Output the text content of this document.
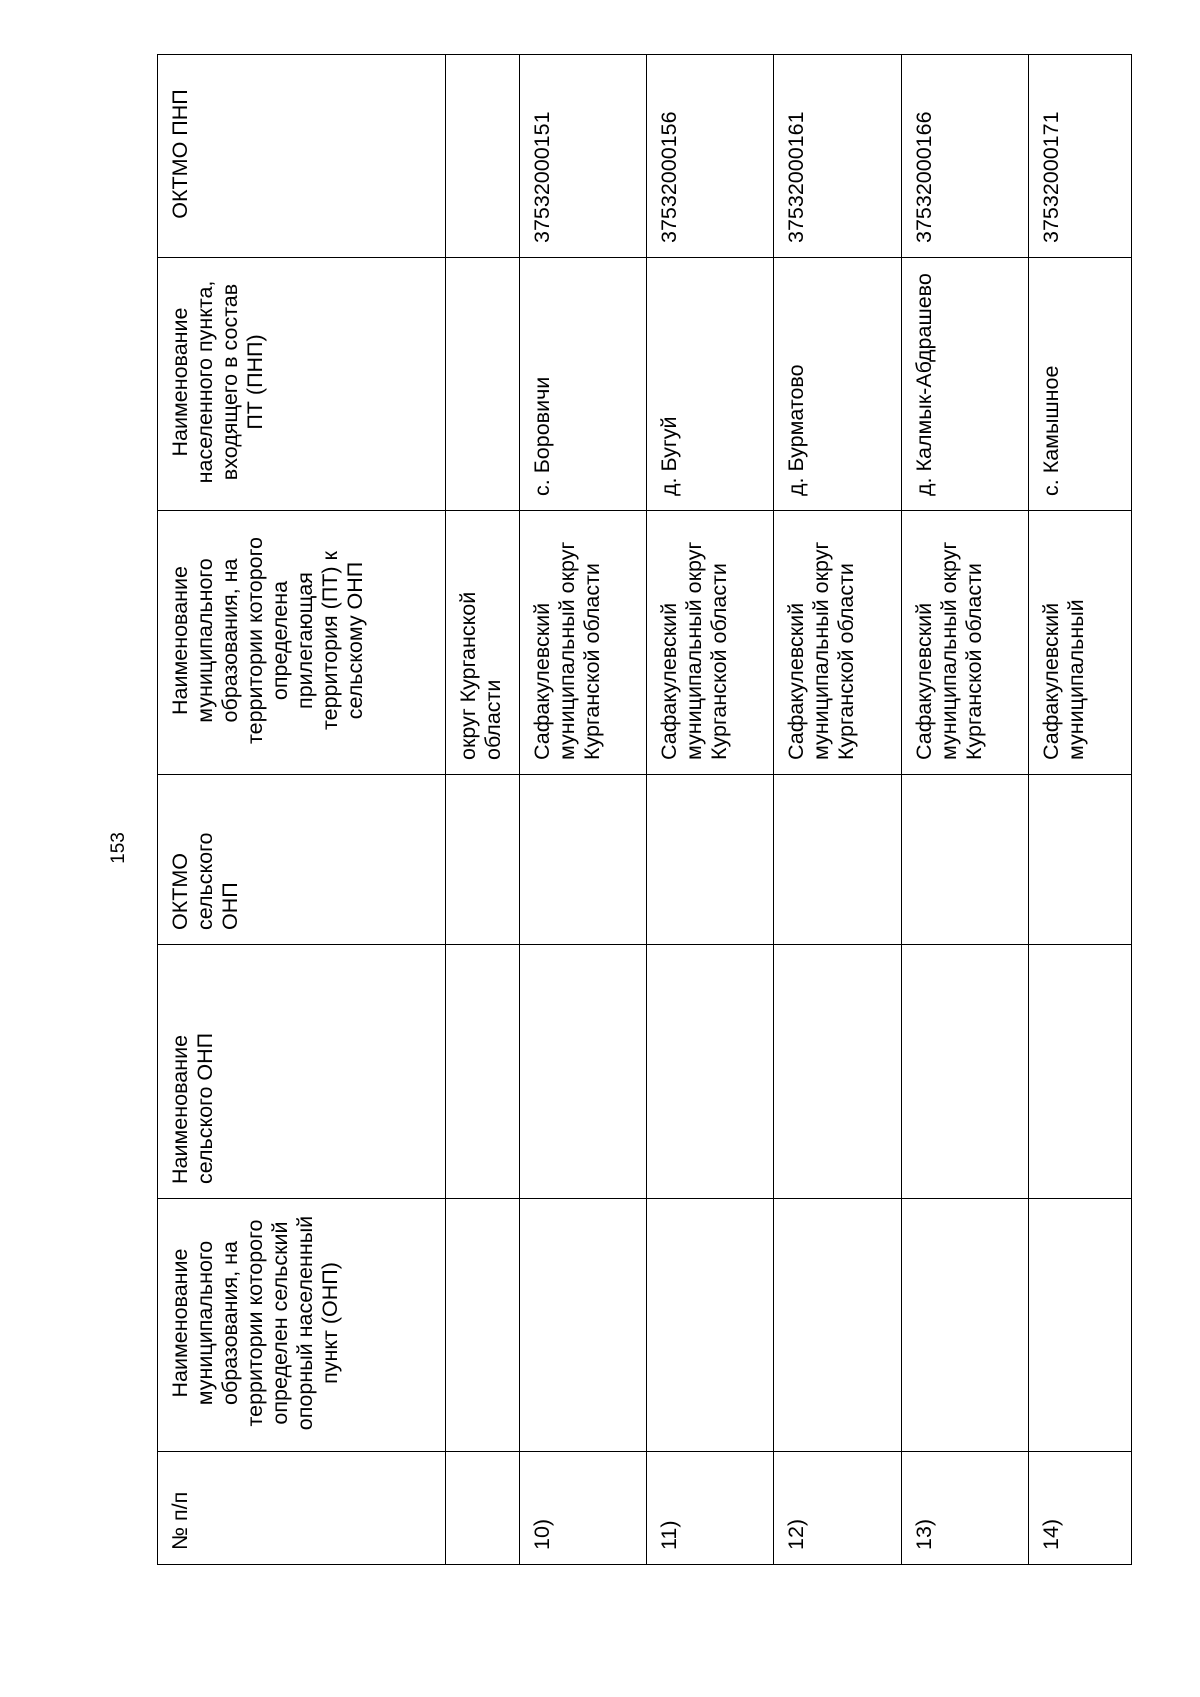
153
№ п/п	Наименование муниципального образования, на территории которого определен сельский опорный населенный пункт (ОНП)	Наименование сельского ОНП	ОКТМО сельского ОНП	Наименование муниципального образования, на территории которого определена прилегающая территория (ПТ) к сельскому ОНП	Наименование населенного пункта, входящего в состав ПТ (ПНП)	ОКТМО ПНП
				округ Курганской области		
10)				Сафакулевский муниципальный округ Курганской области	с. Боровичи	37532000151
11)				Сафакулевский муниципальный округ Курганской области	д. Бугуй	37532000156
12)				Сафакулевский муниципальный округ Курганской области	д. Бурматово	37532000161
13)				Сафакулевский муниципальный округ Курганской области	д. Калмык-Абдрашево	37532000166
14)				Сафакулевский муниципальный	с. Камышное	37532000171
